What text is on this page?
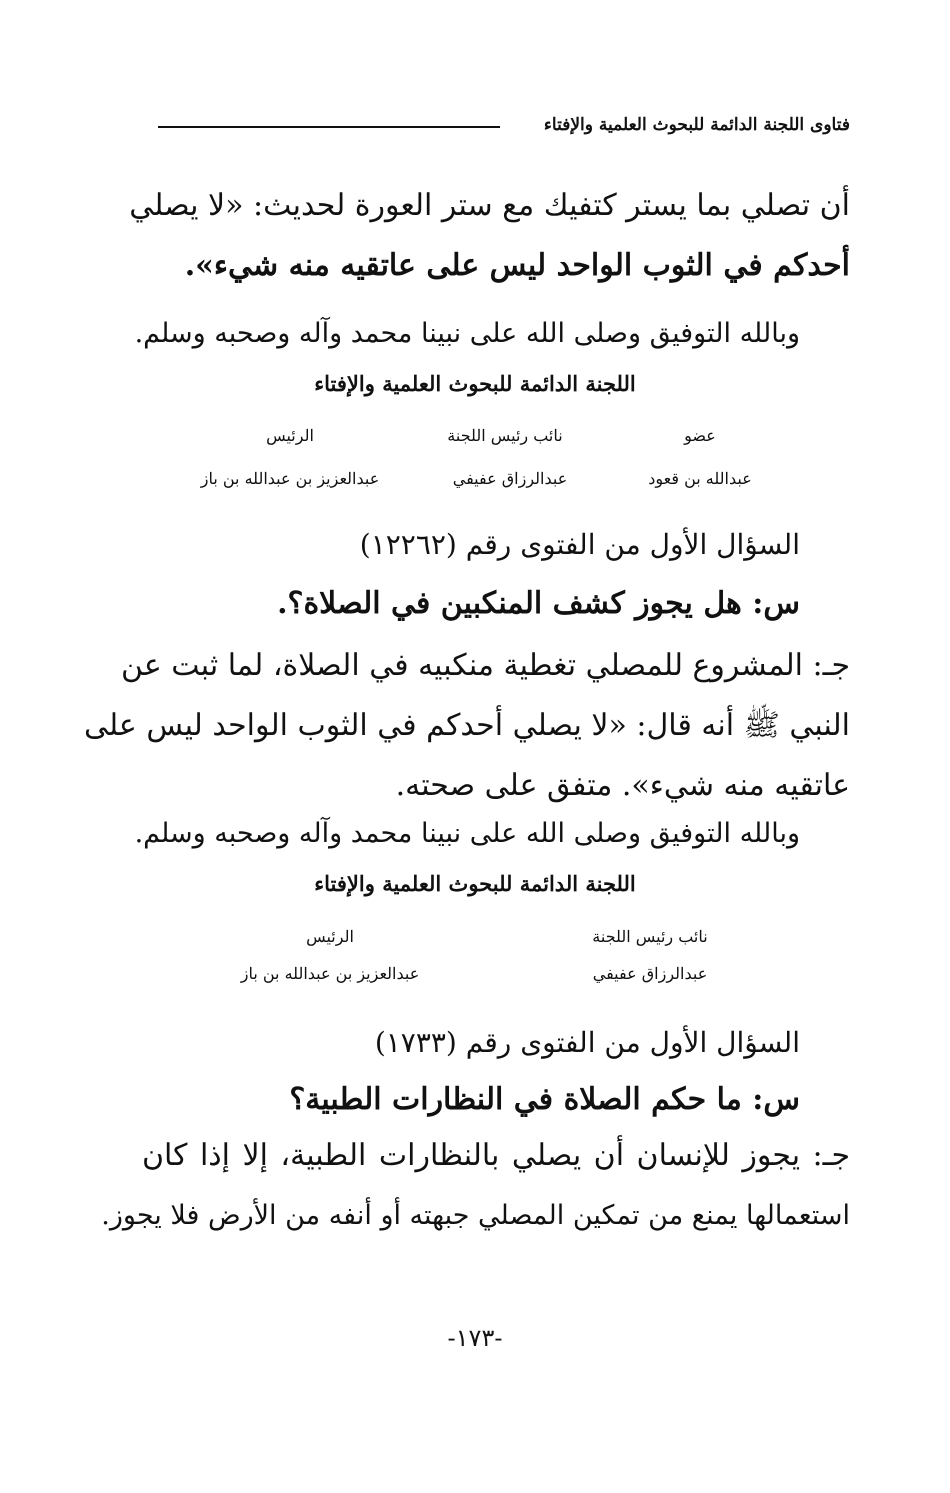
فتاوى اللجنة الدائمة للبحوث العلمية والإفتاء

أن تصلي بما يستر كتفيك مع ستر العورة لحديث: «لا يصلي

أحدكم في الثوب الواحد ليس على عاتقيه منه شيء».

وبالله التوفيق وصلى الله على نبينا محمد وآله وصحبه وسلم.

اللجنة الدائمة للبحوث العلمية والإفتاء
عضو
نائب رئيس اللجنة
الرئيس
عبدالله بن قعود
عبدالرزاق عفيفي
عبدالعزيز بن عبدالله بن باز
السؤال الأول من الفتوى رقم (١٢٢٦٢)
س: هل يجوز كشف المنكبين في الصلاة؟.

جـ: المشروع للمصلي تغطية منكبيه في الصلاة، لما ثبت عن

النبي ﷺ أنه قال: «لا يصلي أحدكم في الثوب الواحد ليس على

عاتقيه منه شيء». متفق على صحته.

وبالله التوفيق وصلى الله على نبينا محمد وآله وصحبه وسلم.

اللجنة الدائمة للبحوث العلمية والإفتاء
نائب رئيس اللجنة
الرئيس
عبدالرزاق عفيفي
عبدالعزيز بن عبدالله بن باز
السؤال الأول من الفتوى رقم (١٧٣٣)
س: ما حكم الصلاة في النظارات الطبية؟

جـ: يجوز للإنسان أن يصلي بالنظارات الطبية، إلا إذا كان

استعمالها يمنع من تمكين المصلي جبهته أو أنفه من الأرض فلا يجوز.

-١٧٣-
